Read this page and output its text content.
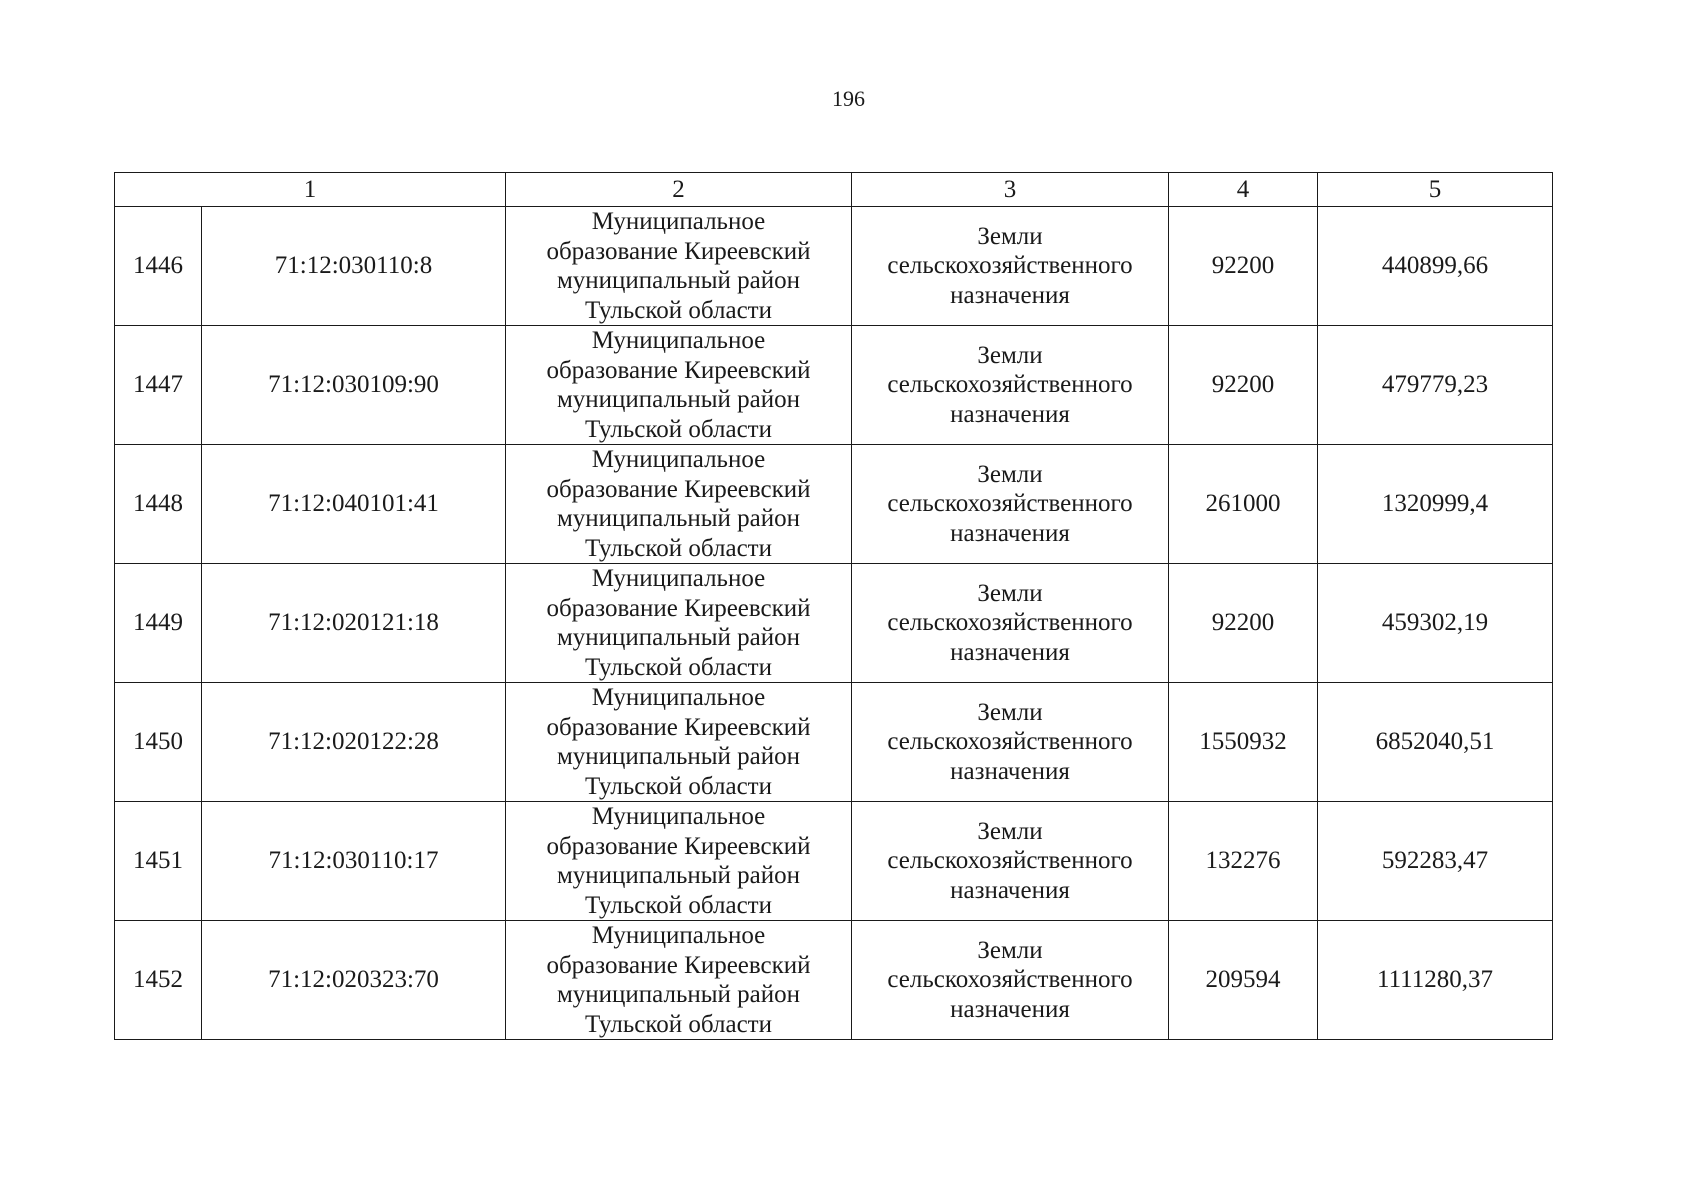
196
1		2	3	4	5
1446	71:12:030110:8	Муниципальное
образование Киреевский
муниципальный район
Тульской области	Земли
сельскохозяйственного
назначения	92200	440899,66
1447	71:12:030109:90	Муниципальное
образование Киреевский
муниципальный район
Тульской области	Земли
сельскохозяйственного
назначения	92200	479779,23
1448	71:12:040101:41	Муниципальное
образование Киреевский
муниципальный район
Тульской области	Земли
сельскохозяйственного
назначения	261000	1320999,4
1449	71:12:020121:18	Муниципальное
образование Киреевский
муниципальный район
Тульской области	Земли
сельскохозяйственного
назначения	92200	459302,19
1450	71:12:020122:28	Муниципальное
образование Киреевский
муниципальный район
Тульской области	Земли
сельскохозяйственного
назначения	1550932	6852040,51
1451	71:12:030110:17	Муниципальное
образование Киреевский
муниципальный район
Тульской области	Земли
сельскохозяйственного
назначения	132276	592283,47
1452	71:12:020323:70	Муниципальное
образование Киреевский
муниципальный район
Тульской области	Земли
сельскохозяйственного
назначения	209594	1111280,37
